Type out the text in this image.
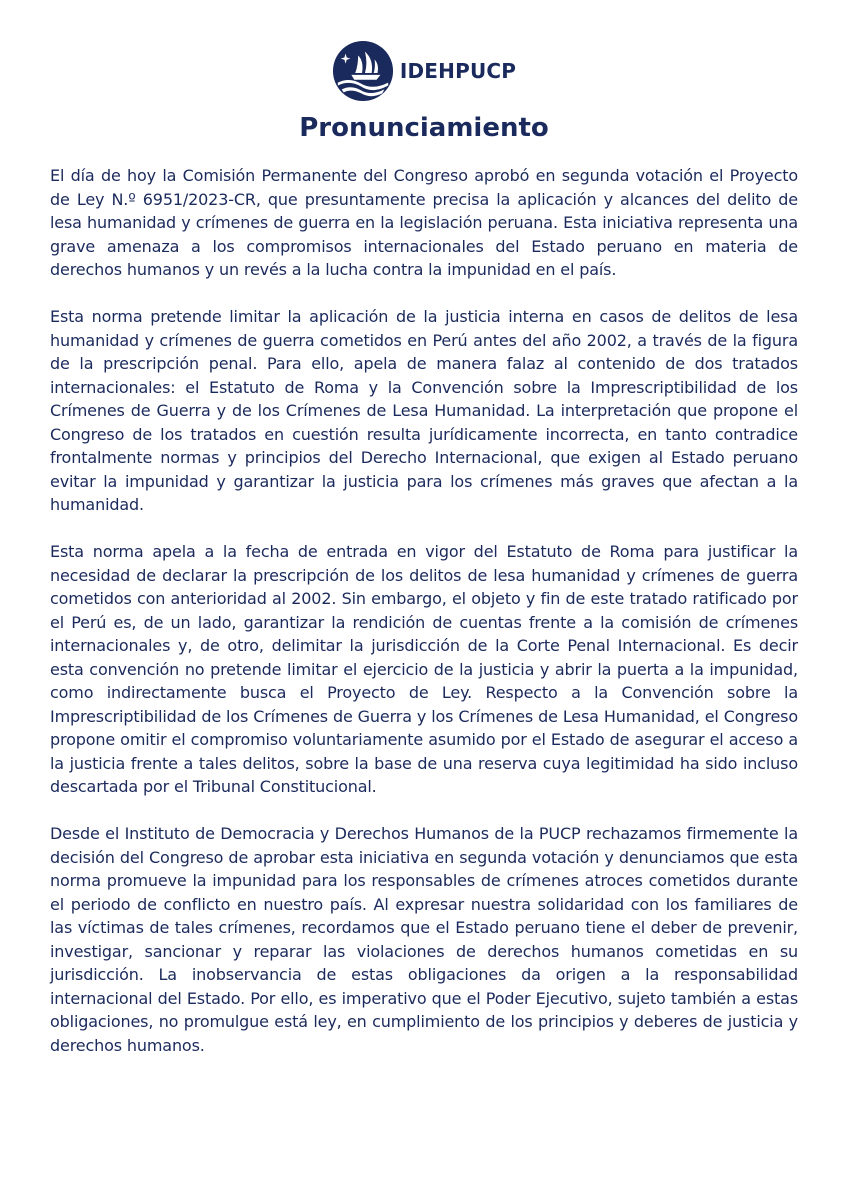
IDEHPUCP
Pronunciamiento

El día de hoy la Comisión Permanente del Congreso aprobó en segunda votación el Proyecto de Ley N.º 6951/2023-CR, que presuntamente precisa la aplicación y alcances del delito de lesa humanidad y crímenes de guerra en la legislación peruana. Esta iniciativa representa una grave amenaza a los compromisos internacionales del Estado peruano en materia de derechos humanos y un revés a la lucha contra la impunidad en el país.

Esta norma pretende limitar la aplicación de la justicia interna en casos de delitos de lesa humanidad y crímenes de guerra cometidos en Perú antes del año 2002, a través de la figura de la prescripción penal. Para ello, apela de manera falaz al contenido de dos tratados internacionales: el Estatuto de Roma y la Convención sobre la Imprescriptibilidad de los Crímenes de Guerra y de los Crímenes de Lesa Humanidad. La interpretación que propone el Congreso de los tratados en cuestión resulta jurídicamente incorrecta, en tanto contradice frontalmente normas y principios del Derecho Internacional, que exigen al Estado peruano evitar la impunidad y garantizar la justicia para los crímenes más graves que afectan a la humanidad.

Esta norma apela a la fecha de entrada en vigor del Estatuto de Roma para justificar la necesidad de declarar la prescripción de los delitos de lesa humanidad y crímenes de guerra cometidos con anterioridad al 2002. Sin embargo, el objeto y fin de este tratado ratificado por el Perú es, de un lado, garantizar la rendición de cuentas frente a la comisión de crímenes internacionales y, de otro, delimitar la jurisdicción de la Corte Penal Internacional. Es decir esta convención no pretende limitar el ejercicio de la justicia y abrir la puerta a la impunidad, como indirectamente busca el Proyecto de Ley. Respecto a la Convención sobre la Imprescriptibilidad de los Crímenes de Guerra y los Crímenes de Lesa Humanidad, el Congreso propone omitir el compromiso voluntariamente asumido por el Estado de asegurar el acceso a la justicia frente a tales delitos, sobre la base de una reserva cuya legitimidad ha sido incluso descartada por el Tribunal Constitucional.

Desde el Instituto de Democracia y Derechos Humanos de la PUCP rechazamos firmemente la decisión del Congreso de aprobar esta iniciativa en segunda votación y denunciamos que esta norma promueve la impunidad para los responsables de crímenes atroces cometidos durante el periodo de conflicto en nuestro país. Al expresar nuestra solidaridad con los familiares de las víctimas de tales crímenes, recordamos que el Estado peruano tiene el deber de prevenir, investigar, sancionar y reparar las violaciones de derechos humanos cometidas en su jurisdicción. La inobservancia de estas obligaciones da origen a la responsabilidad internacional del Estado. Por ello, es imperativo que el Poder Ejecutivo, sujeto también a estas obligaciones, no promulgue está ley, en cumplimiento de los principios y deberes de justicia y derechos humanos.
